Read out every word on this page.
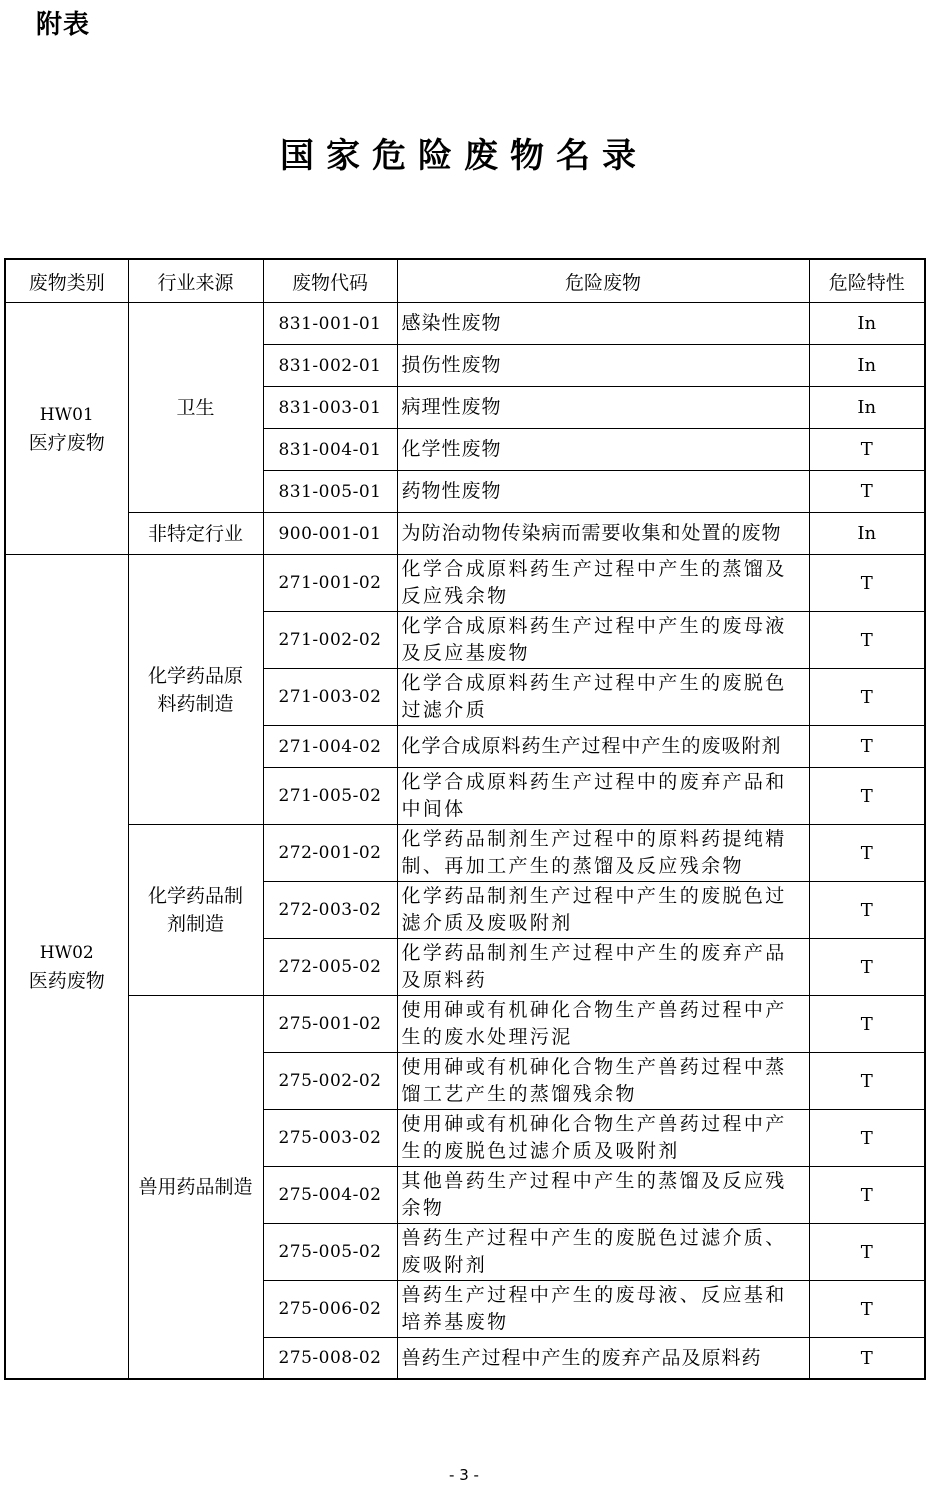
附表
国家危险废物名录
废物类别	行业来源	废物代码	危险废物	危险特性

HW01
医疗废物	卫生	831-001-01	感染性废物	In
		831-002-01	损伤性废物	In
		831-003-01	病理性废物	In
		831-004-01	化学性废物	T
		831-005-01	药物性废物	T
	非特定行业	900-001-01	为防治动物传染病而需要收集和处置的废物	In

HW02
医药废物	化学药品原料药制造	271-001-02	化学合成原料药生产过程中产生的蒸馏及反应残余物	T
		271-002-02	化学合成原料药生产过程中产生的废母液及反应基废物	T
		271-003-02	化学合成原料药生产过程中产生的废脱色过滤介质	T
		271-004-02	化学合成原料药生产过程中产生的废吸附剂	T
		271-005-02	化学合成原料药生产过程中的废弃产品和中间体	T
	化学药品制剂制造	272-001-02	化学药品制剂生产过程中的原料药提纯精制、再加工产生的蒸馏及反应残余物	T
		272-003-02	化学药品制剂生产过程中产生的废脱色过滤介质及废吸附剂	T
		272-005-02	化学药品制剂生产过程中产生的废弃产品及原料药	T
	兽用药品制造	275-001-02	使用砷或有机砷化合物生产兽药过程中产生的废水处理污泥	T
		275-002-02	使用砷或有机砷化合物生产兽药过程中蒸馏工艺产生的蒸馏残余物	T
		275-003-02	使用砷或有机砷化合物生产兽药过程中产生的废脱色过滤介质及吸附剂	T
		275-004-02	其他兽药生产过程中产生的蒸馏及反应残余物	T
		275-005-02	兽药生产过程中产生的废脱色过滤介质、废吸附剂	T
		275-006-02	兽药生产过程中产生的废母液、反应基和培养基废物	T
		275-008-02	兽药生产过程中产生的废弃产品及原料药	T
- 3 -
